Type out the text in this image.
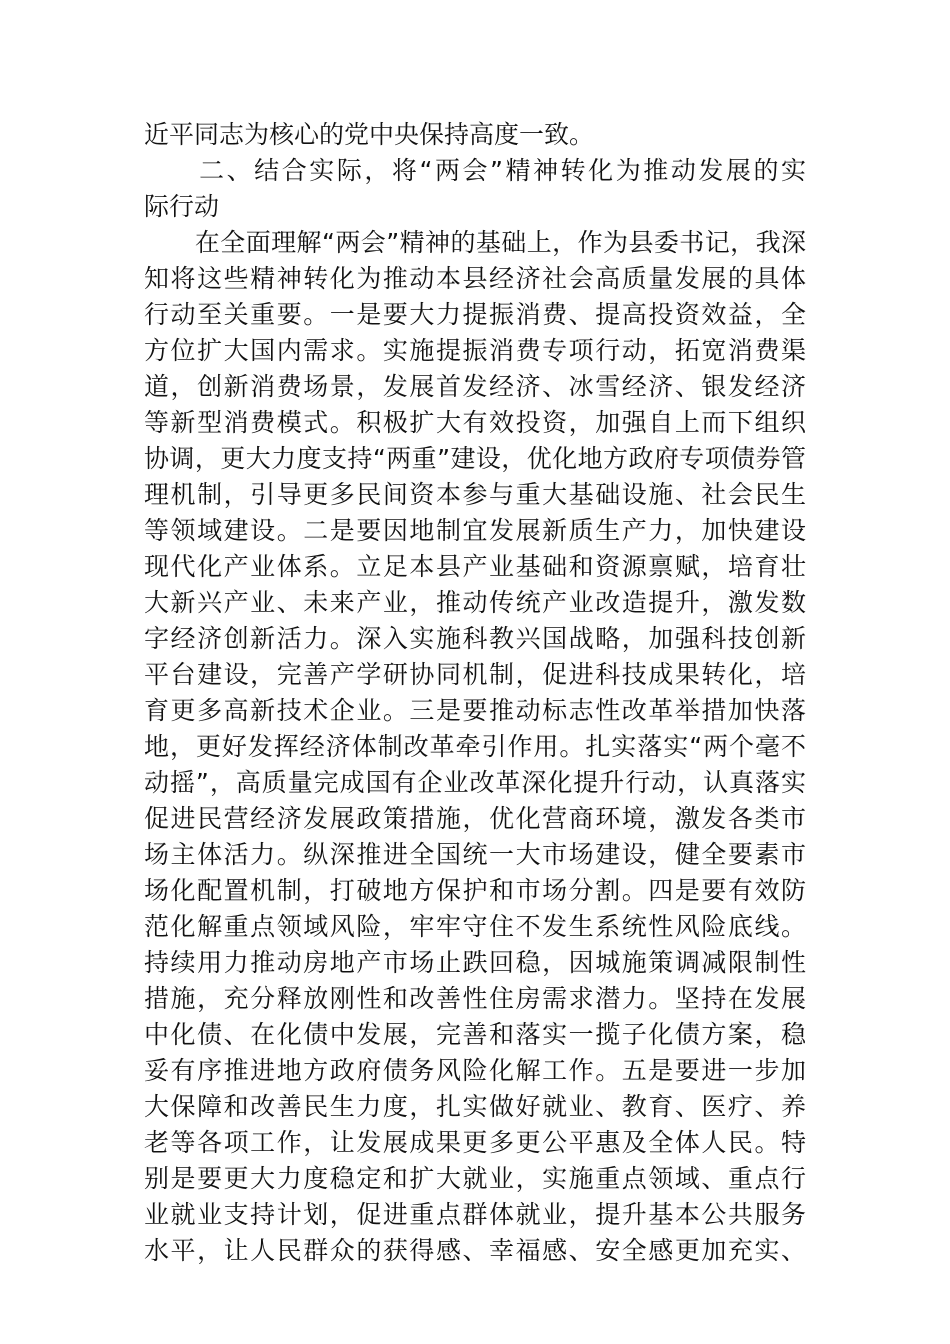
近平同志为核心的党中央保持高度一致。
　　二、结合实际，将“两会”精神转化为推动发展的实
际行动
　　在全面理解“两会”精神的基础上，作为县委书记，我深
知将这些精神转化为推动本县经济社会高质量发展的具体
行动至关重要。一是要大力提振消费、提高投资效益，全
方位扩大国内需求。实施提振消费专项行动，拓宽消费渠
道，创新消费场景，发展首发经济、冰雪经济、银发经济
等新型消费模式。积极扩大有效投资，加强自上而下组织
协调，更大力度支持“两重”建设，优化地方政府专项债券管
理机制，引导更多民间资本参与重大基础设施、社会民生
等领域建设。二是要因地制宜发展新质生产力，加快建设
现代化产业体系。立足本县产业基础和资源禀赋，培育壮
大新兴产业、未来产业，推动传统产业改造提升，激发数
字经济创新活力。深入实施科教兴国战略，加强科技创新
平台建设，完善产学研协同机制，促进科技成果转化，培
育更多高新技术企业。三是要推动标志性改革举措加快落
地，更好发挥经济体制改革牵引作用。扎实落实“两个毫不
动摇”，高质量完成国有企业改革深化提升行动，认真落实
促进民营经济发展政策措施，优化营商环境，激发各类市
场主体活力。纵深推进全国统一大市场建设，健全要素市
场化配置机制，打破地方保护和市场分割。四是要有效防
范化解重点领域风险，牢牢守住不发生系统性风险底线。
持续用力推动房地产市场止跌回稳，因城施策调减限制性
措施，充分释放刚性和改善性住房需求潜力。坚持在发展
中化债、在化债中发展，完善和落实一揽子化债方案，稳
妥有序推进地方政府债务风险化解工作。五是要进一步加
大保障和改善民生力度，扎实做好就业、教育、医疗、养
老等各项工作，让发展成果更多更公平惠及全体人民。特
别是要更大力度稳定和扩大就业，实施重点领域、重点行
业就业支持计划，促进重点群体就业，提升基本公共服务
水平，让人民群众的获得感、幸福感、安全感更加充实、
